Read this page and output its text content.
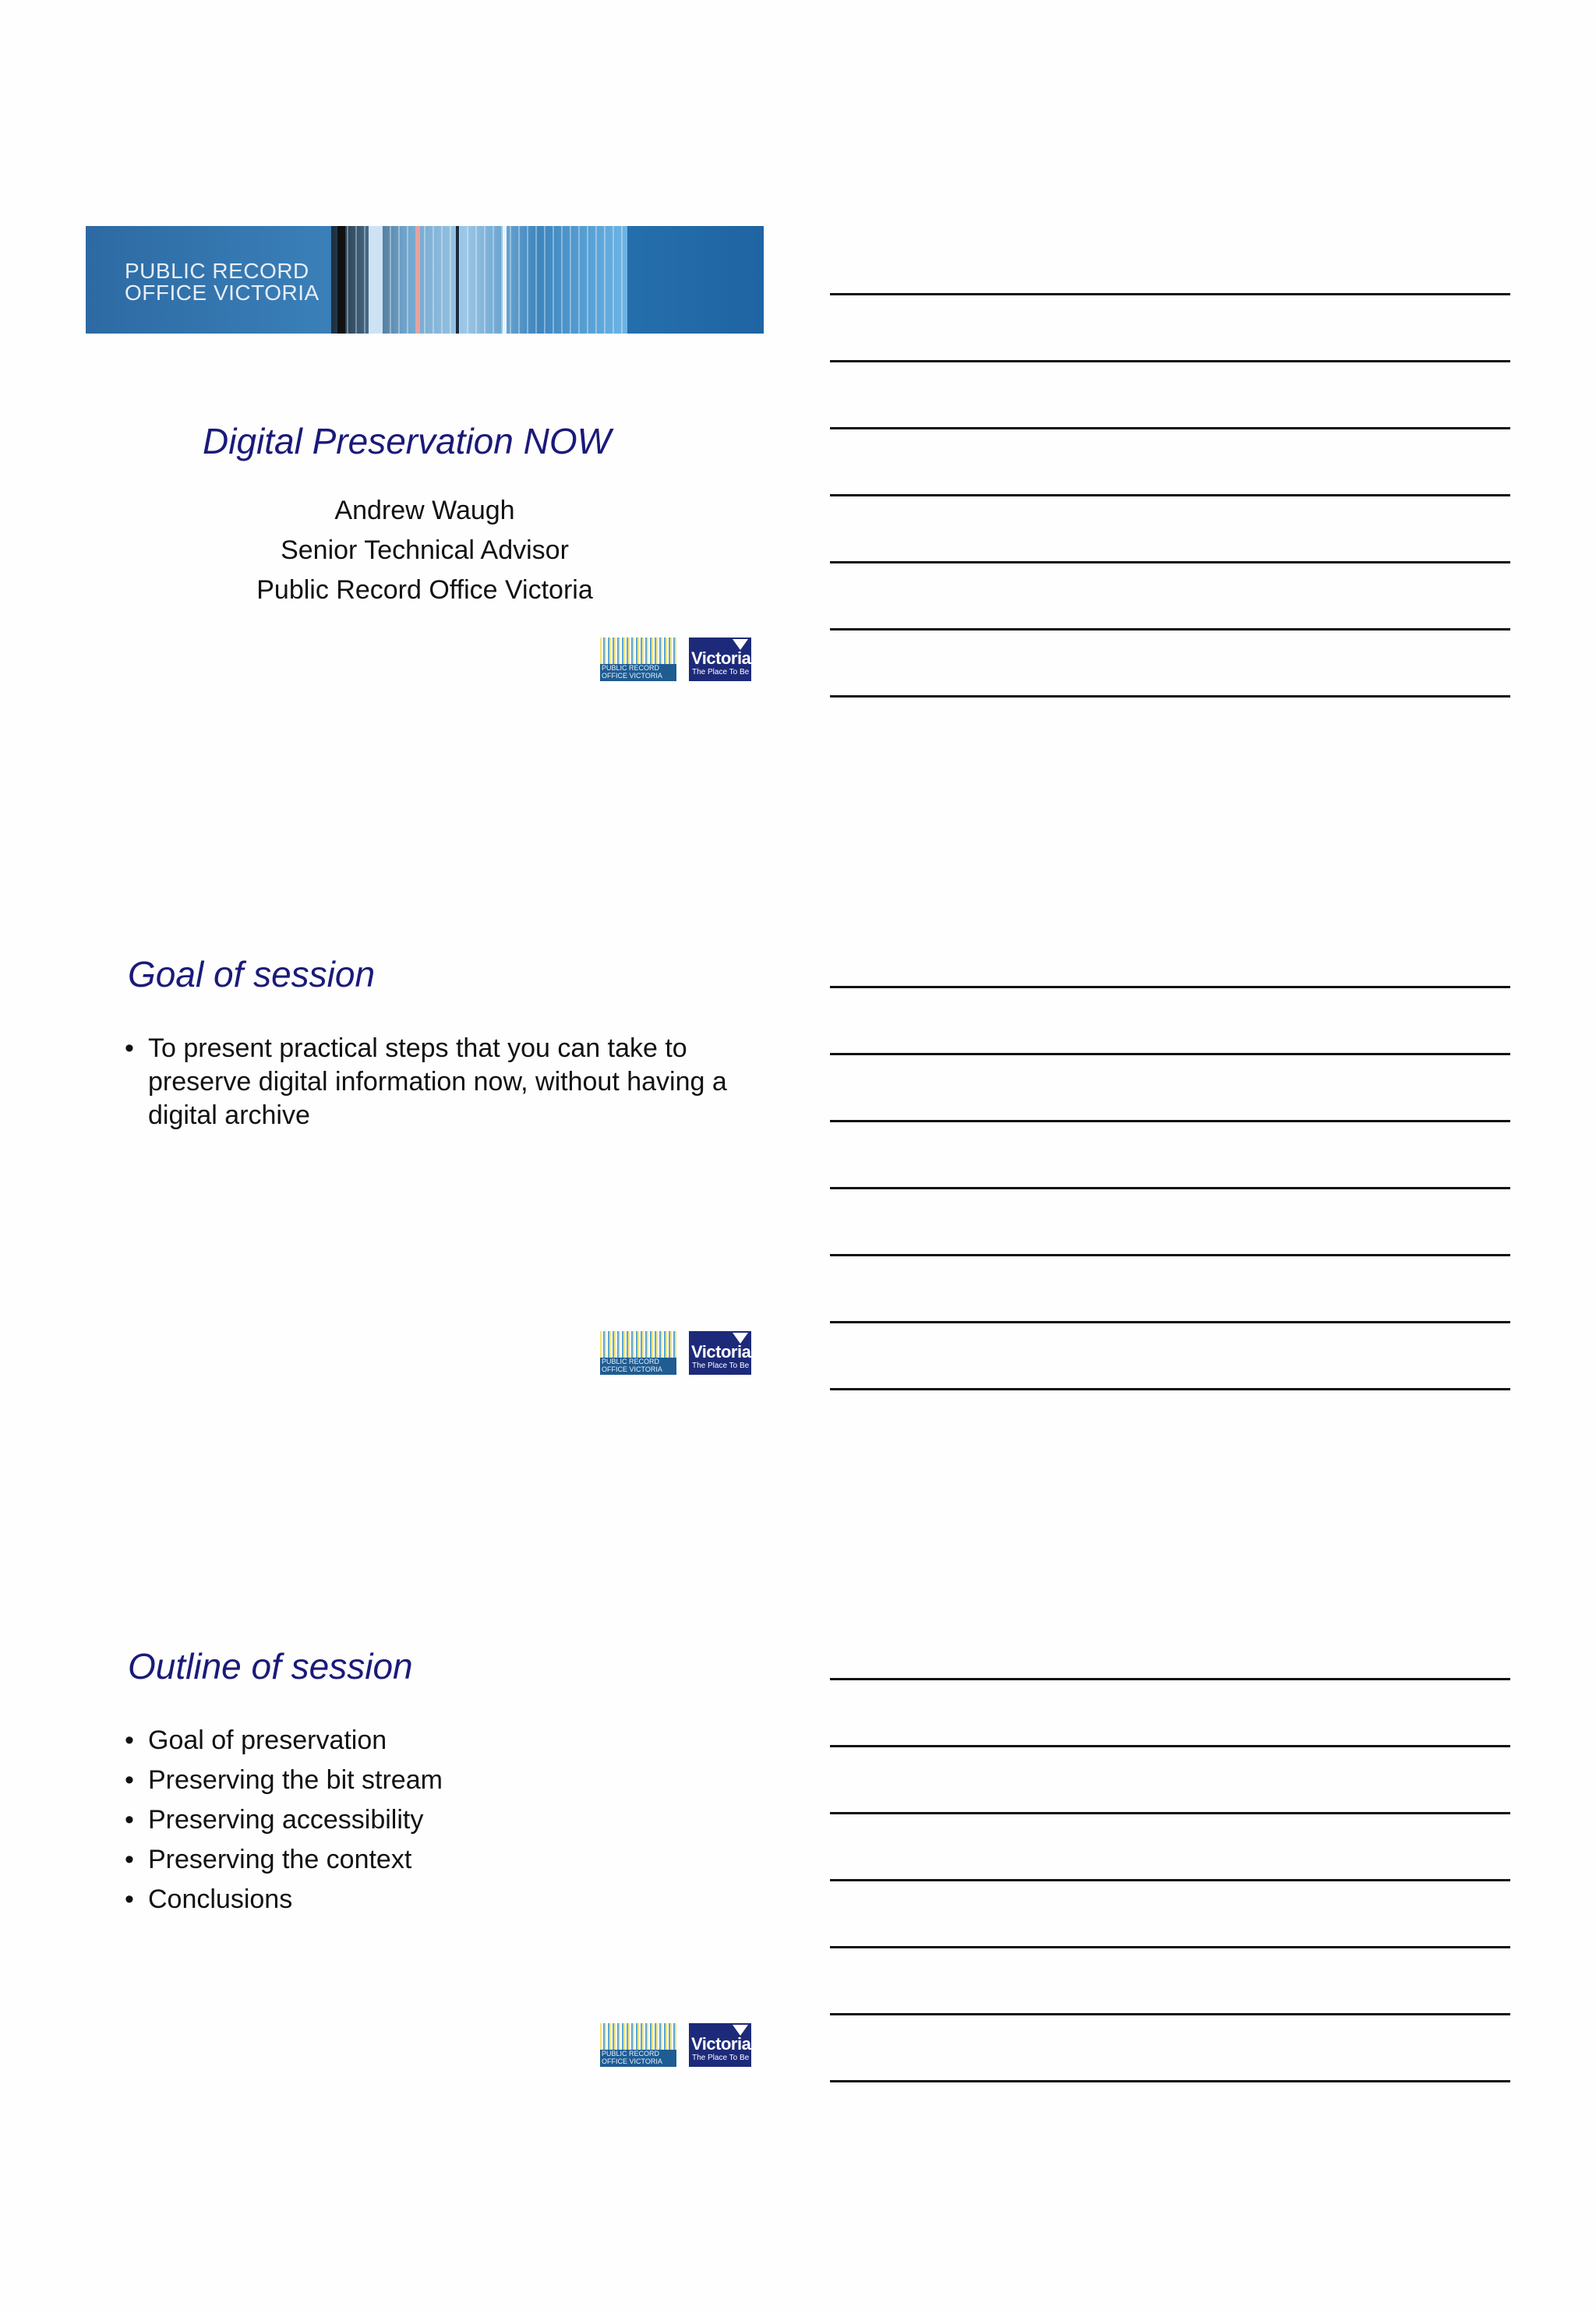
PUBLIC RECORD
OFFICE VICTORIA
Digital Preservation NOW
Andrew Waugh
Senior Technical Advisor
Public Record Office Victoria
PUBLIC RECORD
OFFICE VICTORIA
Victoria
The Place To Be
Goal of session
• To present practical steps that you can take to preserve digital information now, without having a digital archive
PUBLIC RECORD
OFFICE VICTORIA
Victoria
The Place To Be
Outline of session
• Goal of preservation
• Preserving the bit stream
• Preserving accessibility
• Preserving the context
• Conclusions
PUBLIC RECORD
OFFICE VICTORIA
Victoria
The Place To Be
